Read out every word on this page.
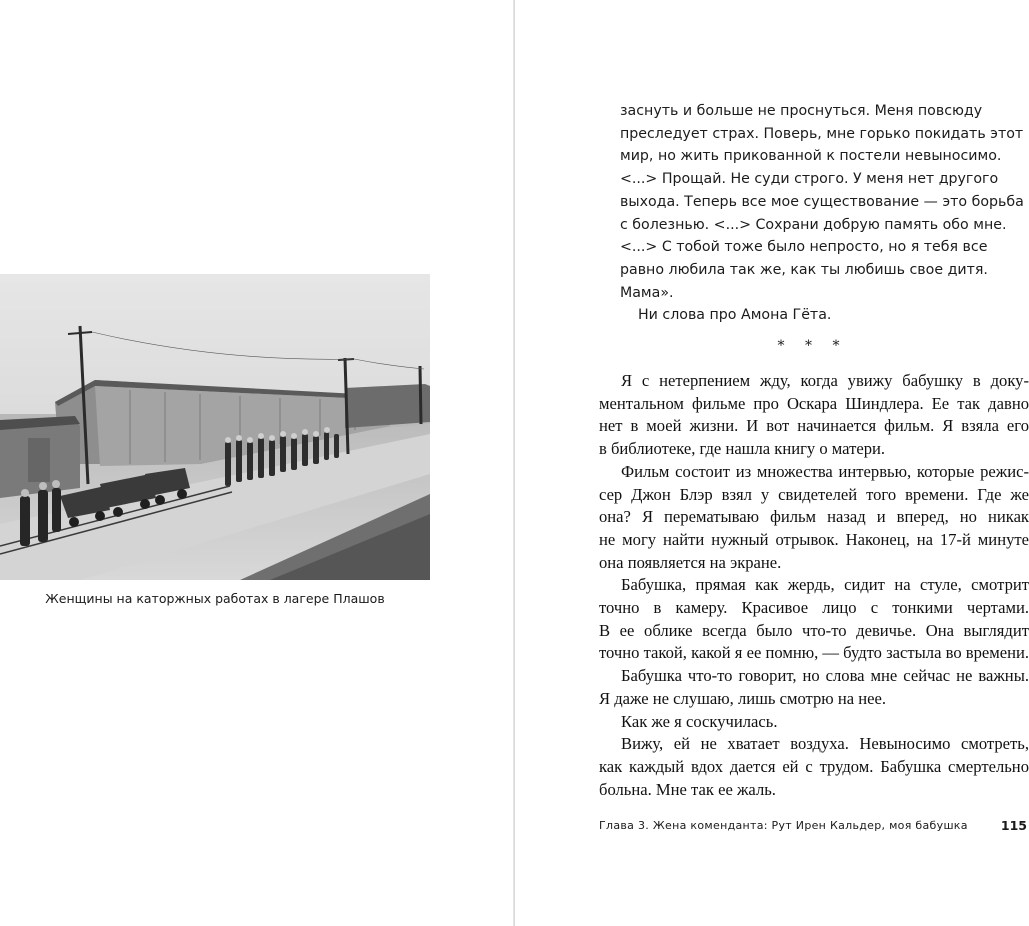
Женщины на каторжных работах в лагере Плашов
заснуть и больше не проснуться. Меня повсюду
преследует страх. Поверь, мне горько покидать этот
мир, но жить прикованной к постели невыносимо.
<...> Прощай. Не суди строго. У меня нет другого
выхода. Теперь все мое существование — это борьба
с болезнью. <...> Сохрани добрую память обо мне.
<...> С тобой тоже было непросто, но я тебя все
равно любила так же, как ты любишь свое дитя.
Мама».
Ни слова про Амона Гёта.
* * *
Я с нетерпением жду, когда увижу бабушку в доку-
ментальном фильме про Оскара Шиндлера. Ее так давно
нет в моей жизни. И вот начинается фильм. Я взяла его
в библиотеке, где нашла книгу о матери.
Фильм состоит из множества интервью, которые режис-
сер Джон Блэр взял у свидетелей того времени. Где же
она? Я перематываю фильм назад и вперед, но никак
не могу найти нужный отрывок. Наконец, на 17-й минуте
она появляется на экране.
Бабушка, прямая как жердь, сидит на стуле, смотрит
точно в камеру. Красивое лицо с тонкими чертами.
В ее облике всегда было что-то девичье. Она выглядит
точно такой, какой я ее помню, — будто застыла во времени.
Бабушка что-то говорит, но слова мне сейчас не важны.
Я даже не слушаю, лишь смотрю на нее.
Как же я соскучилась.
Вижу, ей не хватает воздуха. Невыносимо смотреть,
как каждый вдох дается ей с трудом. Бабушка смертельно
больна. Мне так ее жаль.
Глава 3. Жена коменданта: Рут Ирен Кальдер, моя бабушка	115
